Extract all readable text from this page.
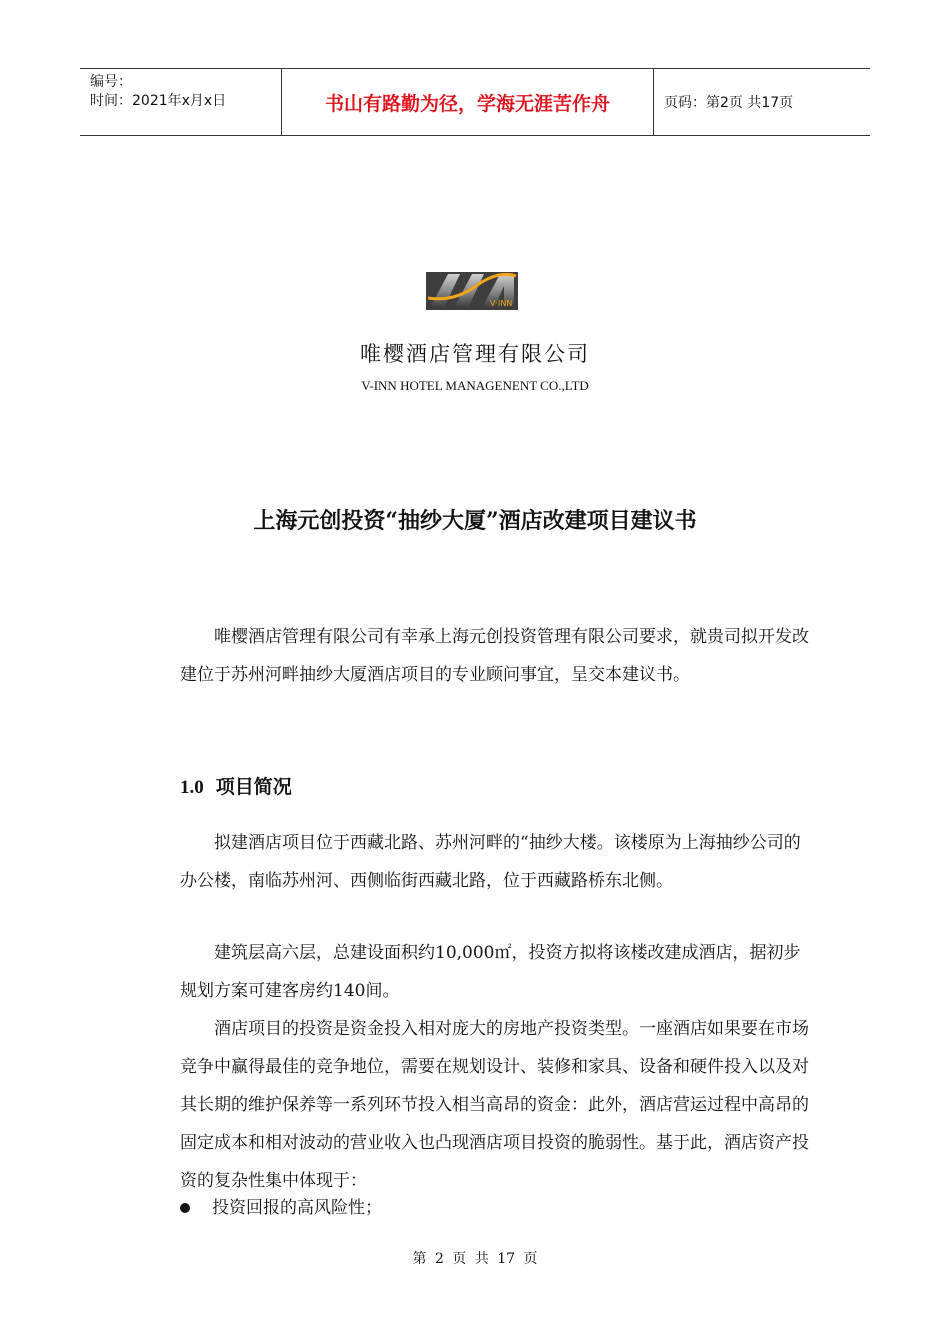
编号：
时间：2021年x月x日	书山有路勤为径，学海无涯苦作舟	页码：第2页 共17页
V·INN
唯樱酒店管理有限公司
V-INN HOTEL MANAGENENT CO.,LTD
上海元创投资“抽纱大厦”酒店改建项目建议书

唯樱酒店管理有限公司有幸承上海元创投资管理有限公司要求，就贵司拟开发改建位于苏州河畔抽纱大厦酒店项目的专业顾问事宜，呈交本建议书。

1.0 项目简况

拟建酒店项目位于西藏北路、苏州河畔的“抽纱大楼。该楼原为上海抽纱公司的办公楼，南临苏州河、西侧临街西藏北路，位于西藏路桥东北侧。

建筑层高六层，总建设面积约10,000㎡，投资方拟将该楼改建成酒店，据初步规划方案可建客房约140间。

酒店项目的投资是资金投入相对庞大的房地产投资类型。一座酒店如果要在市场竞争中赢得最佳的竞争地位，需要在规划设计、装修和家具、设备和硬件投入以及对其长期的维护保养等一系列环节投入相当高昂的资金：此外，酒店营运过程中高昂的固定成本和相对波动的营业收入也凸现酒店项目投资的脆弱性。基于此，酒店资产投资的复杂性集中体现于：

投资回报的高风险性；
第 2 页 共 17 页
